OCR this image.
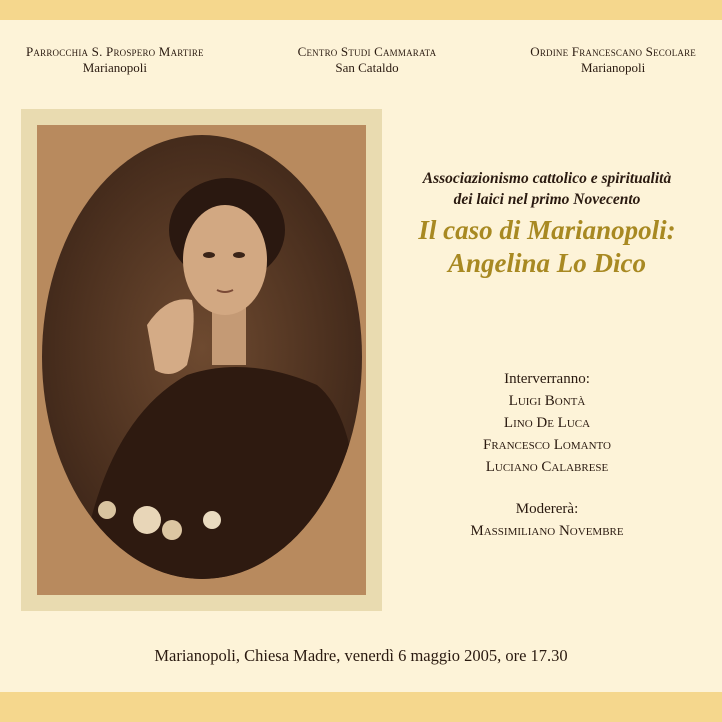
Parrocchia S. Prospero Martire
Marianopoli
Centro Studi Cammarata
San Cataldo
Ordine Francescano Secolare
Marianopoli

Associazionismo cattolico e spiritualità
dei laici nel primo Novecento

Il caso di Marianopoli:
Angelina Lo Dico

Interverranno:
Luigi Bontà
Lino De Luca
Francesco Lomanto
Luciano Calabrese
Modererà:
Massimiliano Novembre
Marianopoli, Chiesa Madre, venerdì 6 maggio 2005, ore 17.30
